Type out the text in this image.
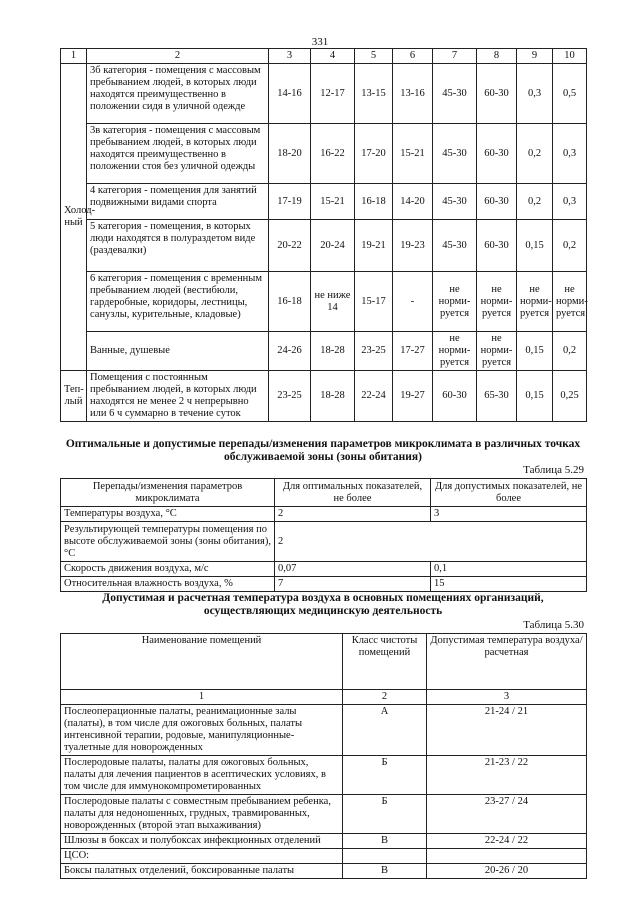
331
1	2	3	4	5	6	7	8	9	10
Холод-ный	3б категория - помещения с массовым пребыванием людей, в которых люди находятся преимущественно в положении сидя в уличной одежде	14-16	12-17	13-15	13-16	45-30	60-30	0,3	0,5
	3в категория - помещения с массовым пребыванием людей, в которых люди находятся преимущественно в положении стоя без уличной одежды	18-20	16-22	17-20	15-21	45-30	60-30	0,2	0,3
	4 категория - помещения для занятий подвижными видами спорта	17-19	15-21	16-18	14-20	45-30	60-30	0,2	0,3
	5 категория - помещения, в которых люди находятся в полураздетом виде (раздевалки)	20-22	20-24	19-21	19-23	45-30	60-30	0,15	0,2
	6 категория - помещения с временным пребыванием людей (вестибюли, гардеробные, коридоры, лестницы, санузлы, курительные, кладовые)	16-18	не ниже 14	15-17	-	не норми-руется	не норми-руется	не норми-руется	не норми-руется
	Ванные, душевые	24-26	18-28	23-25	17-27	не норми-руется	не норми-руется	0,15	0,2
Теп-лый	Помещения с постоянным пребыванием людей, в которых люди находятся не менее 2 ч непрерывно или 6 ч суммарно в течение суток	23-25	18-28	22-24	19-27	60-30	65-30	0,15	0,25
Оптимальные и допустимые перепады/изменения параметров микроклимата в различных точках обслуживаемой зоны (зоны обитания)
Таблица 5.29
Перепады/изменения параметров микроклимата	Для оптимальных показателей, не более	Для допустимых показателей, не более
Температуры воздуха, °С	2	3
Результирующей температуры помещения по высоте обслуживаемой зоны (зоны обитания), °С	2	
Скорость движения воздуха, м/с	0,07	0,1
Относительная влажность воздуха, %	7	15
Допустимая и расчетная температура воздуха в основных помещениях организаций, осуществляющих медицинскую деятельность
Таблица 5.30
Наименование помещений	Класс чистоты помещений	Допустимая температура воздуха/ расчетная
1	2	3
Послеоперационные палаты, реанимационные залы (палаты), в том числе для ожоговых больных, палаты интенсивной терапии, родовые, манипуляционные-туалетные для новорожденных	А	21-24 / 21
Послеродовые палаты, палаты для ожоговых больных, палаты для лечения пациентов в асептических условиях, в том числе для иммунокомпрометированных	Б	21-23 / 22
Послеродовые палаты с совместным пребыванием ребенка, палаты для недоношенных, грудных, травмированных, новорожденных (второй этап выхаживания)	Б	23-27 / 24
Шлюзы в боксах и полубоксах инфекционных отделений	В	22-24 / 22
ЦСО:		
Боксы палатных отделений, боксированные палаты	В	20-26 / 20
